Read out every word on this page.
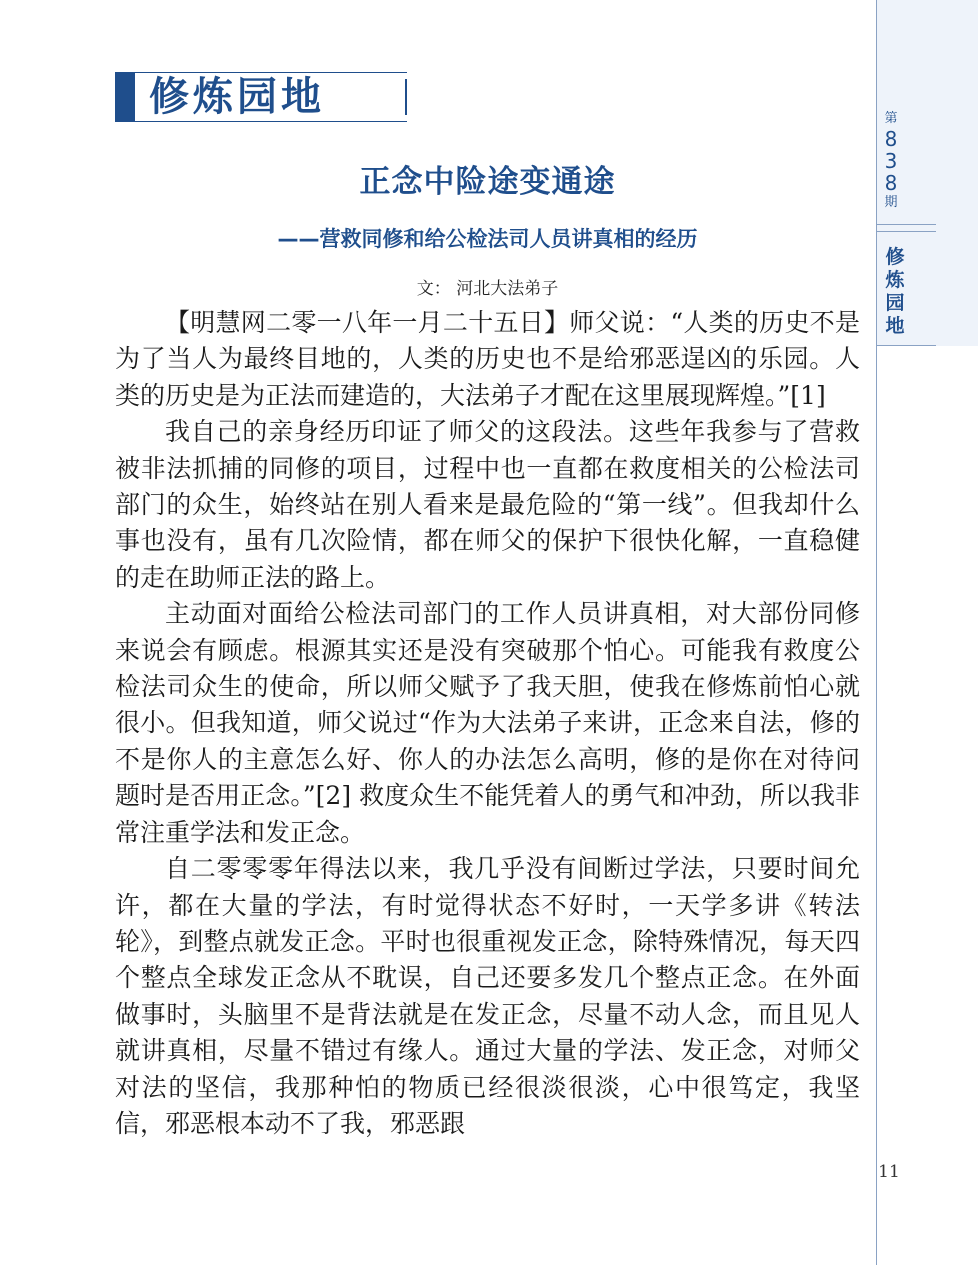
修炼园地	第
8
3
8
期
修
炼
园
地
正念中险途变通途
——营救同修和给公检法司人员讲真相的经历
文： 河北大法弟子

【明慧网二零一八年一月二十五日】师父说：“人类的历史不是为了当人为最终目地的，人类的历史也不是给邪恶逞凶的乐园。人类的历史是为正法而建造的，大法弟子才配在这里展现辉煌。”[1]

我自己的亲身经历印证了师父的这段法。这些年我参与了营救被非法抓捕的同修的项目，过程中也一直都在救度相关的公检法司部门的众生，始终站在别人看来是最危险的“第一线”。但我却什么事也没有，虽有几次险情，都在师父的保护下很快化解，一直稳健的走在助师正法的路上。

主动面对面给公检法司部门的工作人员讲真相，对大部份同修来说会有顾虑。根源其实还是没有突破那个怕心。可能我有救度公检法司众生的使命，所以师父赋予了我天胆，使我在修炼前怕心就很小。但我知道，师父说过“作为大法弟子来讲，正念来自法，修的不是你人的主意怎么好、你人的办法怎么高明，修的是你在对待问题时是否用正念。”[2] 救度众生不能凭着人的勇气和冲劲，所以我非常注重学法和发正念。

自二零零零年得法以来，我几乎没有间断过学法，只要时间允许，都在大量的学法，有时觉得状态不好时，一天学多讲《转法轮》，到整点就发正念。平时也很重视发正念，除特殊情况，每天四个整点全球发正念从不耽误，自己还要多发几个整点正念。在外面做事时，头脑里不是背法就是在发正念，尽量不动人念，而且见人就讲真相，尽量不错过有缘人。通过大量的学法、发正念，对师父对法的坚信，我那种怕的物质已经很淡很淡，心中很笃定，我坚信，邪恶根本动不了我，邪恶跟

11
